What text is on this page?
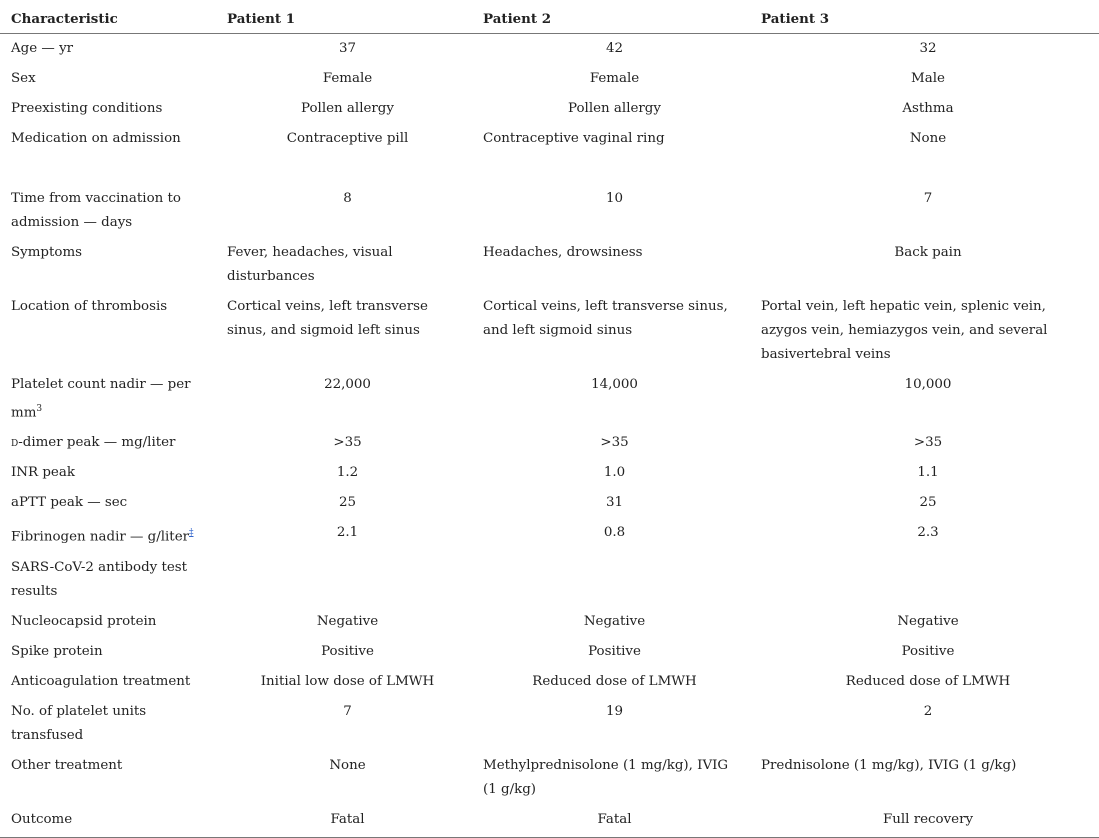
Characteristic	Patient 1	Patient 2	Patient 3
Age — yr	37	42	32
Sex	Female	Female	Male
Preexisting conditions	Pollen allergy	Pollen allergy	Asthma
Medication on admission	Contraceptive pill	Contraceptive vaginal ring	None

Time from vaccination to admission — days	8	10	7
Symptoms	Fever, headaches, visual disturbances	Headaches, drowsiness	Back pain
Location of thrombosis	Cortical veins, left transverse sinus, and sigmoid left sinus	Cortical veins, left transverse sinus, and left sigmoid sinus	Portal vein, left hepatic vein, splenic vein, azygos vein, hemiazygos vein, and several basivertebral veins
Platelet count nadir — per $mm^3$	22,000	14,000	10,000
d-dimer peak — mg/liter	>35	>35	>35
INR peak	1.2	1.0	1.1
aPTT peak — sec	25	31	25
Fibrinogen nadir — g/liter‡	2.1	0.8	2.3
SARS-CoV-2 antibody test results			
Nucleocapsid protein	Negative	Negative	Negative
Spike protein	Positive	Positive	Positive
Anticoagulation treatment	Initial low dose of LMWH	Reduced dose of LMWH	Reduced dose of LMWH
No. of platelet units transfused	7	19	2
Other treatment	None	Methylprednisolone (1 mg/kg), IVIG (1 g/kg)	Prednisolone (1 mg/kg), IVIG (1 g/kg)
Outcome	Fatal	Fatal	Full recovery
